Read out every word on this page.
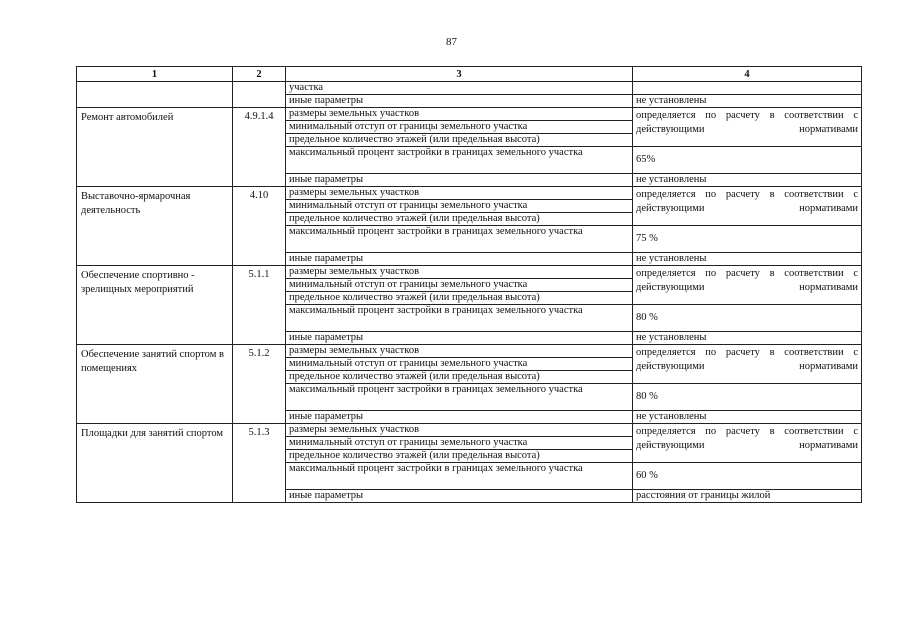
87
1	2	3	4
		участка	
		иные параметры	не установлены
Ремонт автомобилей	4.9.1.4	размеры земельных участков	определяется по расчету в соответствии с действующими нормативами
		минимальный отступ от границы земельного участка	
		предельное количество этажей (или предельная высота)	
		максимальный процент застройки в границах земельного участка	65%
		иные параметры	не установлены
Выставочно-ярмарочная деятельность	4.10	размеры земельных участков	определяется по расчету в соответствии с действующими нормативами
		минимальный отступ от границы земельного участка	
		предельное количество этажей (или предельная высота)	
		максимальный процент застройки в границах земельного участка	75 %
		иные параметры	не установлены
Обеспечение спортивно - зрелищных мероприятий	5.1.1	размеры земельных участков	определяется по расчету в соответствии с действующими нормативами
		минимальный отступ от границы земельного участка	
		предельное количество этажей (или предельная высота)	
		максимальный процент застройки в границах земельного участка	80 %
		иные параметры	не установлены
Обеспечение занятий спортом в помещениях	5.1.2	размеры земельных участков	определяется по расчету в соответствии с действующими нормативами
		минимальный отступ от границы земельного участка	
		предельное количество этажей (или предельная высота)	
		максимальный процент застройки в границах земельного участка	80 %
		иные параметры	не установлены
Площадки для занятий спортом	5.1.3	размеры земельных участков	определяется по расчету в соответствии с действующими нормативами
		минимальный отступ от границы земельного участка	
		предельное количество этажей (или предельная высота)	
		максимальный процент застройки в границах земельного участка	60 %
		иные параметры	расстояния от границы жилой
